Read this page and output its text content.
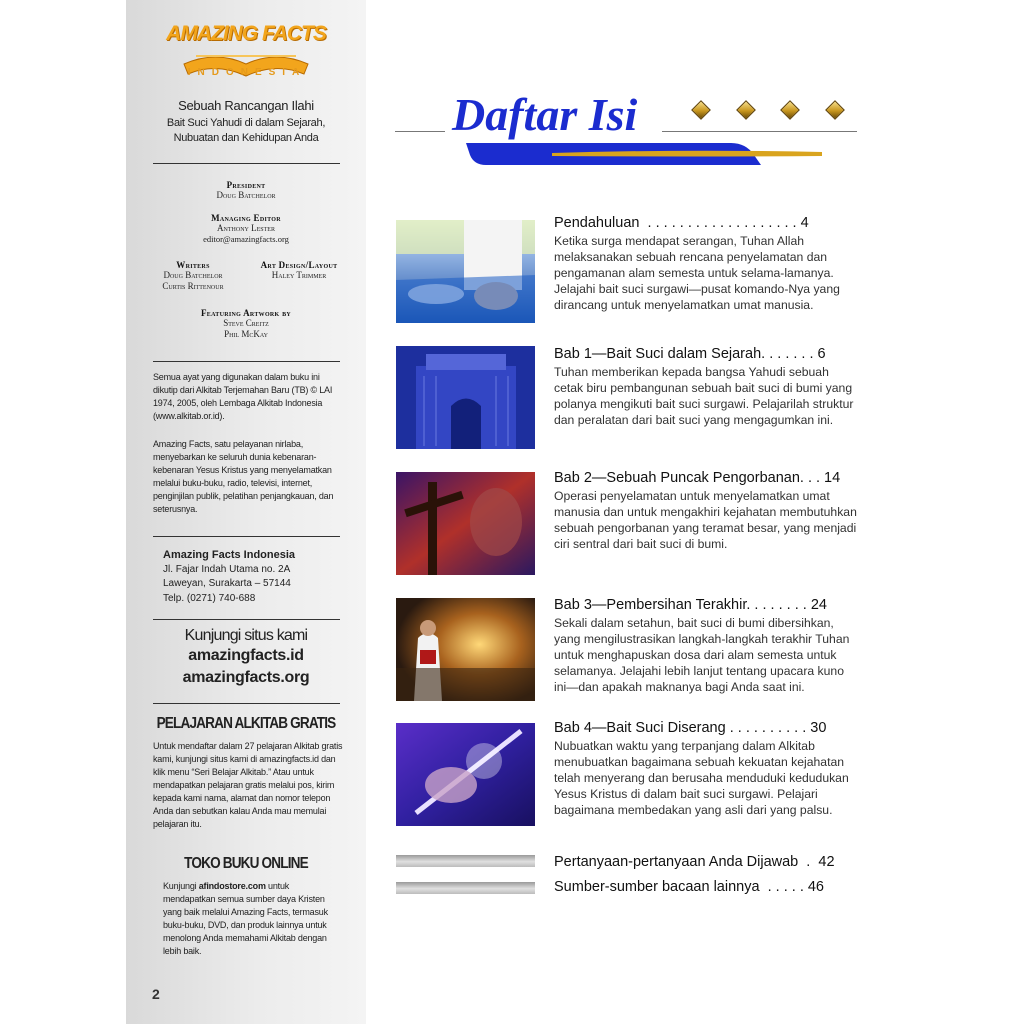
AMAZING FACTS
INDONESIA
Sebuah Rancangan Ilahi
Bait Suci Yahudi di dalam Sejarah,
Nubuatan dan Kehidupan Anda
President
Doug Batchelor
Managing Editor
Anthony Lester
editor@amazingfacts.org
Writers
Doug Batchelor
Curtis Rittenour
Art Design/Layout
Haley Trimmer
Featuring Artwork by
Steve Creitz
Phil McKay
Semua ayat yang digunakan dalam buku ini dikutip dari Alkitab Terjemahan Baru (TB) © LAI 1974, 2005, oleh Lembaga Alkitab Indonesia (www.alkitab.or.id).
Amazing Facts, satu pelayanan nirlaba, menyebarkan ke seluruh dunia kebenaran-kebenaran Yesus Kristus yang menyelamatkan melalui buku-buku, radio, televisi, internet, penginjilan publik, pelatihan penjangkauan, dan seterusnya.
Amazing Facts Indonesia
Jl. Fajar Indah Utama no. 2A
Laweyan, Surakarta – 57144
Telp. (0271) 740-688
Kunjungi situs kami
amazingfacts.id
amazingfacts.org
PELAJARAN ALKITAB GRATIS
Untuk mendaftar dalam 27 pelajaran Alkitab gratis kami, kunjungi situs kami di amazingfacts.id dan klik menu “Seri Belajar Alkitab.” Atau untuk mendapatkan pelajaran gratis melalui pos, kirim kepada kami nama, alamat dan nomor telepon Anda dan sebutkan kalau Anda mau memulai pelajaran itu.
TOKO BUKU ONLINE
Kunjungi afindostore.com untuk mendapatkan semua sumber daya Kristen yang baik melalui Amazing Facts, termasuk buku-buku, DVD, dan produk lainnya untuk menolong Anda memahami Alkitab dengan lebih baik.
2
Daftar Isi
Pendahuluan  . . . . . . . . . . . . . . . . . . . 4
Ketika surga mendapat serangan, Tuhan Allah melaksanakan sebuah rencana penyelamatan dan pengamanan alam semesta untuk selama-lamanya. Jelajahi bait suci surgawi—pusat komando-Nya yang dirancang untuk menyelamatkan umat manusia.
Bab 1—Bait Suci dalam Sejarah. . . . . . . 6
Tuhan memberikan kepada bangsa Yahudi sebuah cetak biru pembangunan sebuah bait suci di bumi yang polanya mengikuti bait suci surgawi. Pelajarilah struktur dan peralatan dari bait suci yang mengagumkan ini.
Bab 2—Sebuah Puncak Pengorbanan. . . 14
Operasi penyelamatan untuk menyelamatkan umat manusia dan untuk mengakhiri kejahatan membutuhkan sebuah pengorbanan yang teramat besar, yang menjadi ciri sentral dari bait suci di bumi.
Bab 3—Pembersihan Terakhir. . . . . . . . 24
Sekali dalam setahun, bait suci di bumi dibersihkan, yang mengilustrasikan langkah-langkah terakhir Tuhan untuk menghapuskan dosa dari alam semesta untuk selamanya. Jelajahi lebih lanjut tentang upacara kuno ini—dan apakah maknanya bagi Anda saat ini.
Bab 4—Bait Suci Diserang . . . . . . . . . . 30
Nubuatkan waktu yang terpanjang dalam Alkitab menubuatkan bagaimana sebuah kekuatan kejahatan telah menyerang dan berusaha menduduki kedudukan Yesus Kristus di dalam bait suci surgawi. Pelajari bagaimana membedakan yang asli dari yang palsu.
Pertanyaan-pertanyaan Anda Dijawab  .  42
Sumber-sumber bacaan lainnya  . . . . . 46
